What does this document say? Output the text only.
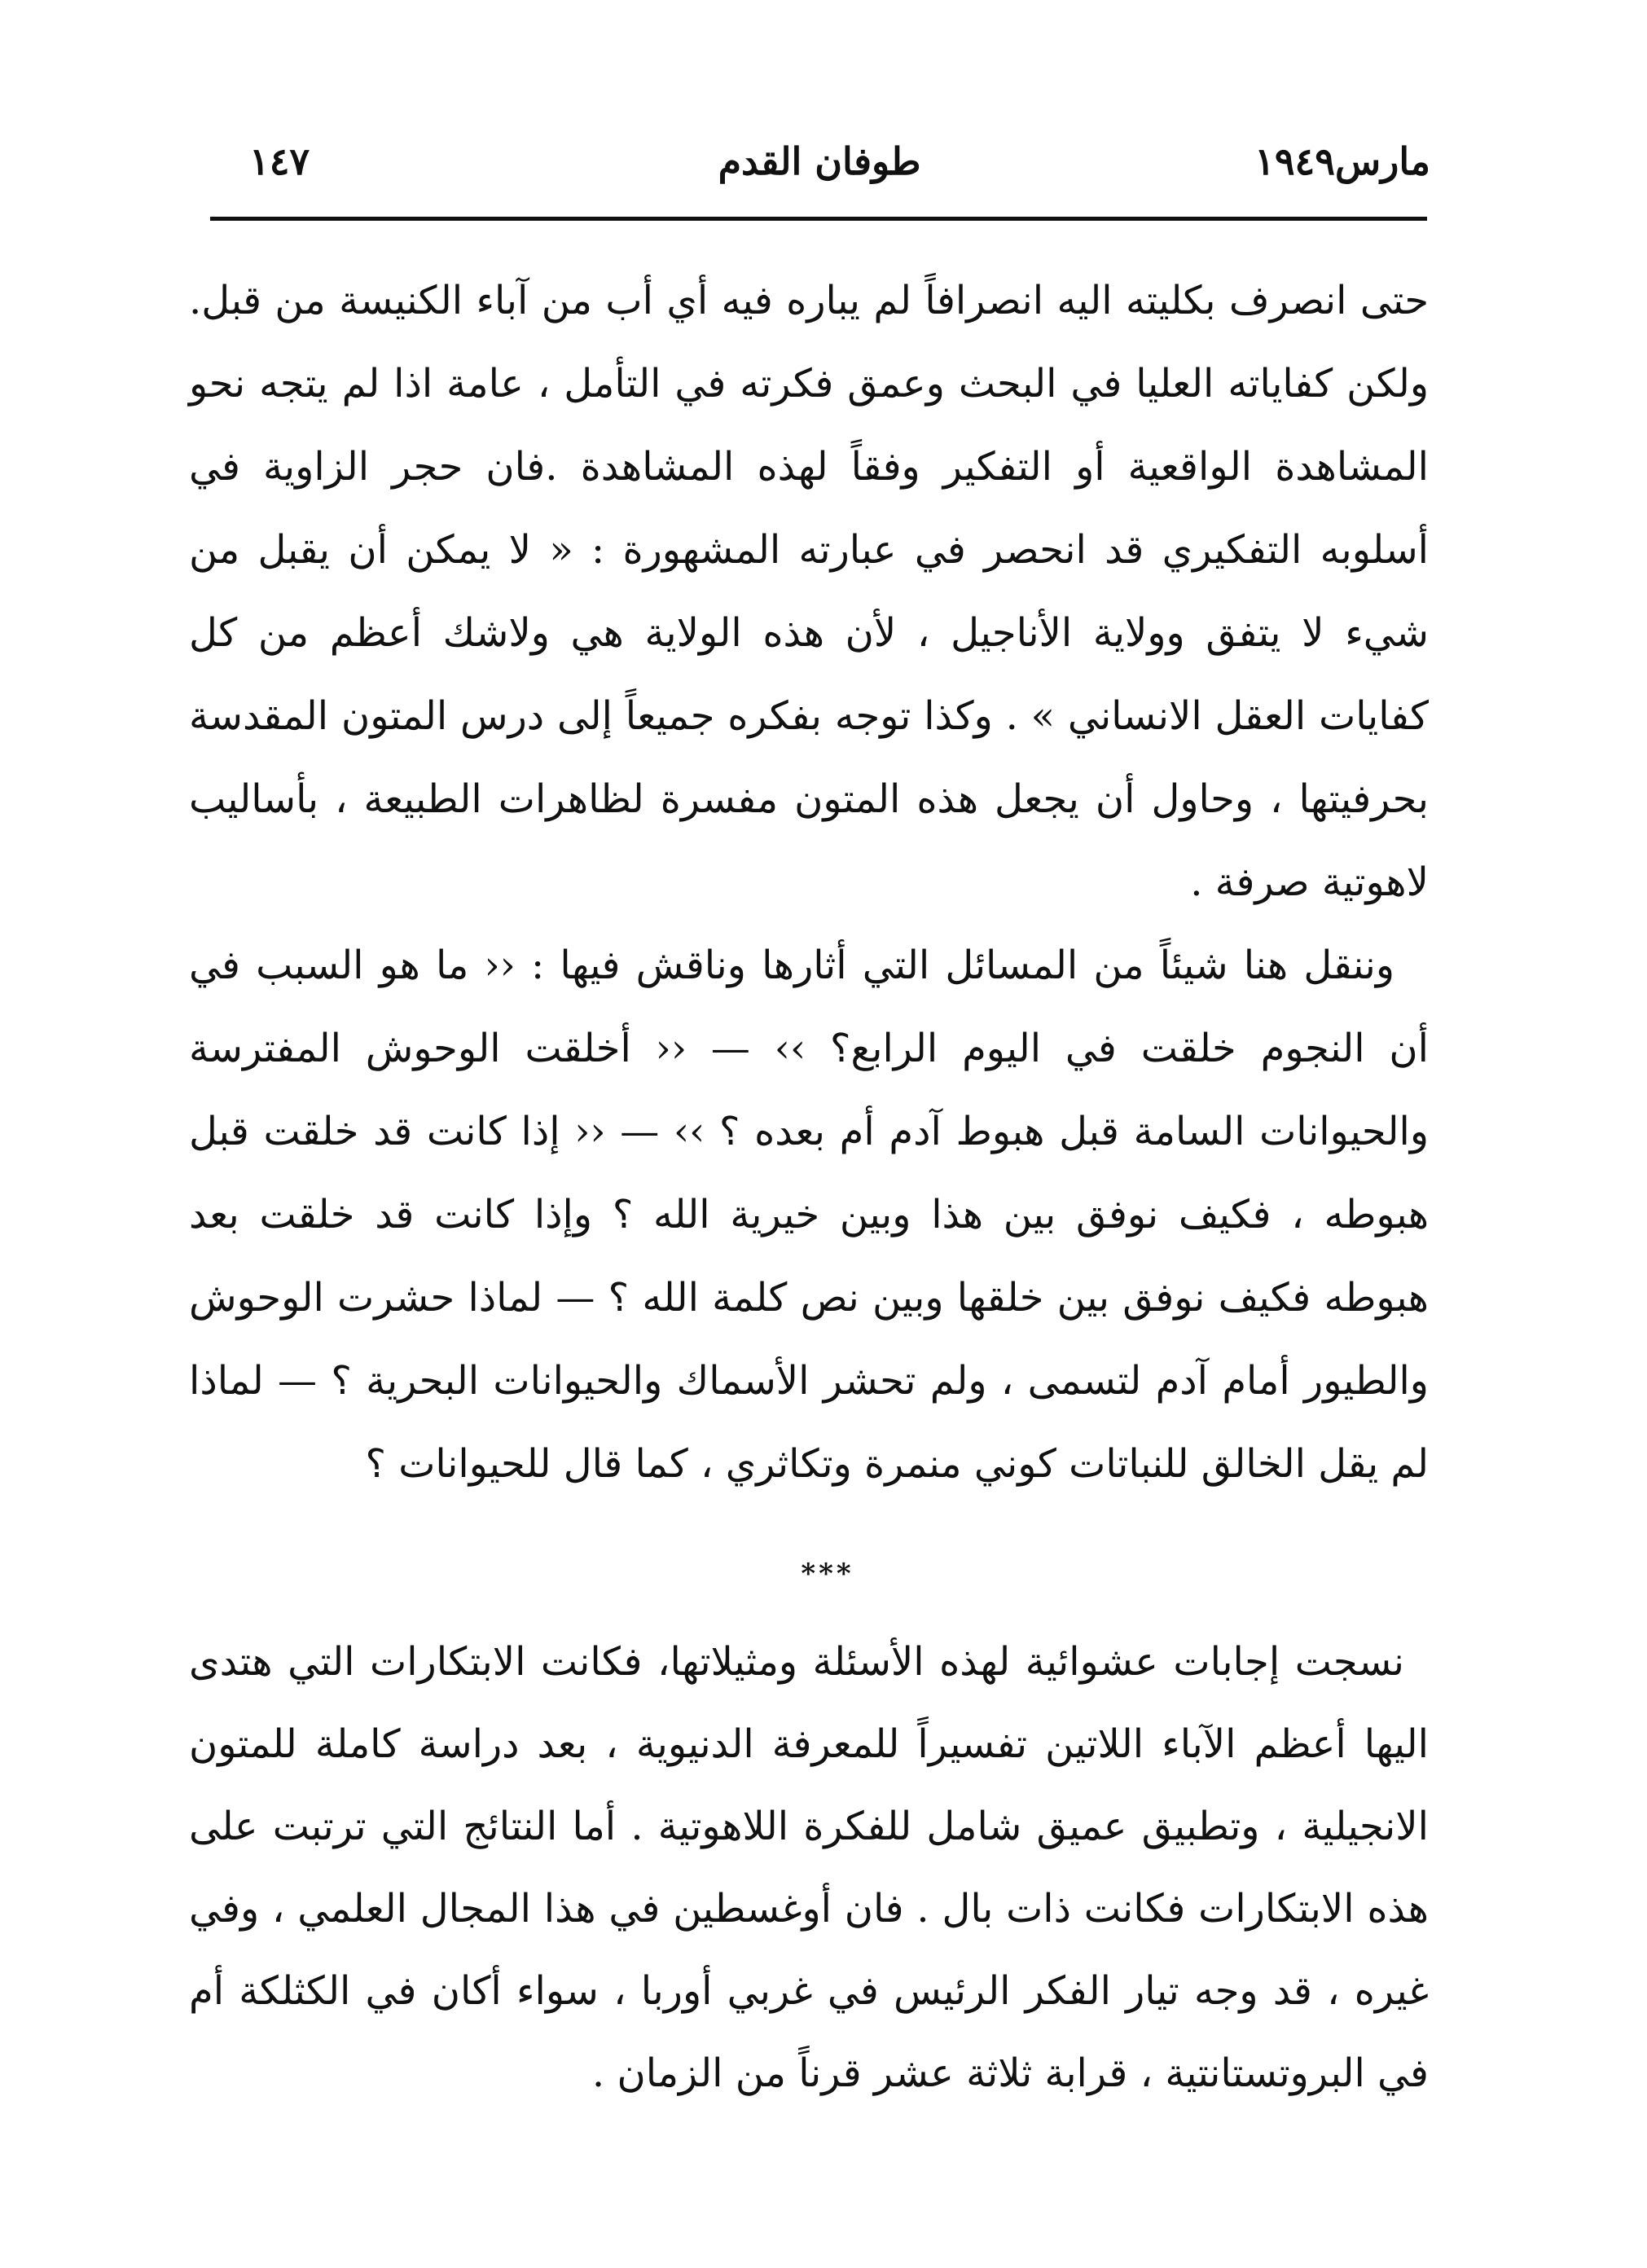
مارس١٩٤٩
طوفان القدم
١٤٧

حتى انصرف بكليته اليه انصرافاً لم يباره فيه أي أب من آباء الكنيسة من قبل. ولكن كفاياته العليا في البحث وعمق فكرته في التأمل ، عامة اذا لم يتجه نحو المشاهدة الواقعية أو التفكير وفقاً لهذه المشاهدة .فان حجر الزاوية في أسلوبه التفكيري قد انحصر في عبارته المشهورة : « لا يمكن أن يقبل من شيء لا يتفق وولاية الأناجيل ، لأن هذه الولاية هي ولاشك أعظم من كل كفايات العقل الانساني » . وكذا توجه بفكره جميعاً إلى درس المتون المقدسة بحرفيتها ، وحاول أن يجعل هذه المتون مفسرة لظاهرات الطبيعة ، بأساليب لاهوتية صرفة .

وننقل هنا شيئاً من المسائل التي أثارها وناقش فيها : ‹‹ ما هو السبب في أن النجوم خلقت في اليوم الرابع؟ ›› — ‹‹ أخلقت الوحوش المفترسة والحيوانات السامة قبل هبوط آدم أم بعده ؟ ›› — ‹‹ إذا كانت قد خلقت قبل هبوطه ، فكيف نوفق بين هذا وبين خيرية الله ؟ وإذا كانت قد خلقت بعد هبوطه فكيف نوفق بين خلقها وبين نص كلمة الله ؟ — لماذا حشرت الوحوش والطيور أمام آدم لتسمى ، ولم تحشر الأسماك والحيوانات البحرية ؟ — لماذا لم يقل الخالق للنباتات كوني منمرة وتكاثري ، كما قال للحيوانات ؟

***

نسجت إجابات عشوائية لهذه الأسئلة ومثيلاتها، فكانت الابتكارات التي هتدى اليها أعظم الآباء اللاتين تفسيراً للمعرفة الدنيوية ، بعد دراسة كاملة للمتون الانجيلية ، وتطبيق عميق شامل للفكرة اللاهوتية . أما النتائج التي ترتبت على هذه الابتكارات فكانت ذات بال . فان أوغسطين في هذا المجال العلمي ، وفي غيره ، قد وجه تيار الفكر الرئيس في غربي أوربا ، سواء أكان في الكثلكة أم في البروتستانتية ، قرابة ثلاثة عشر قرناً من الزمان .
